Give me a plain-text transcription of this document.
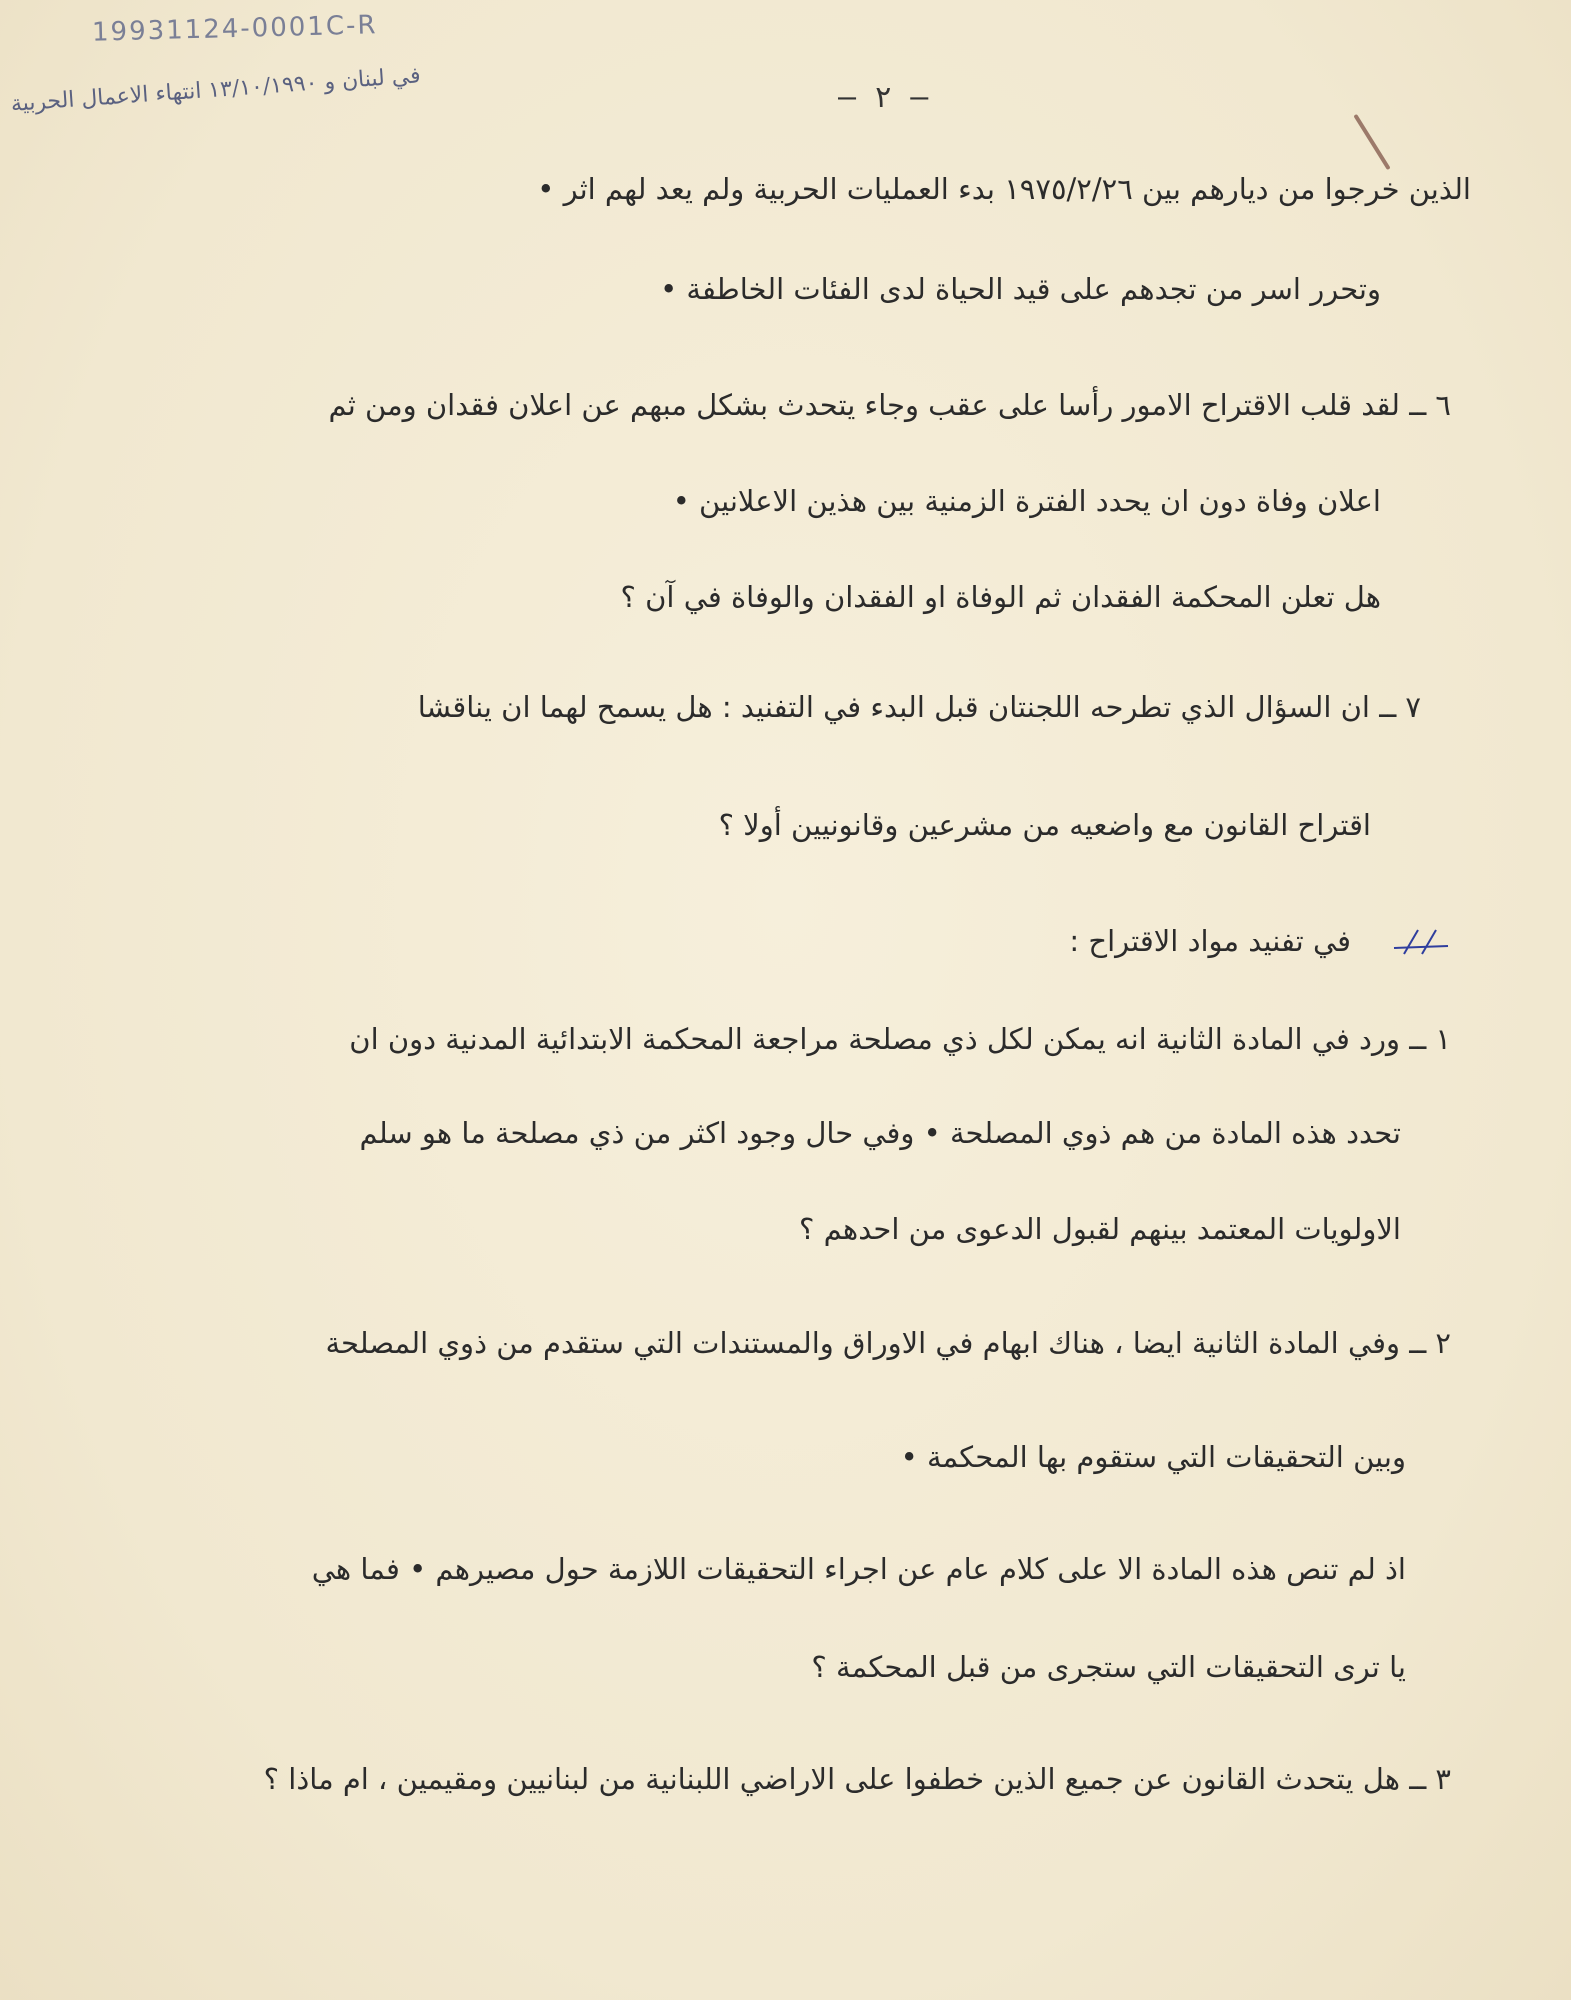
19931124-0001C-R
في لبنان و ١٣/١٠/١٩٩٠ انتهاء الاعمال الحربية
— ٢ —
الذين خرجوا من ديارهم بين ١٩٧٥/٢/٢٦ بدء العمليات الحربية ولم يعد لهم اثر •
وتحرر اسر من تجدهم على قيد الحياة لدى الفئات الخاطفة •
٦ ــ لقد قلب الاقتراح الامور رأسا على عقب وجاء يتحدث بشكل مبهم عن اعلان فقدان ومن ثم
اعلان وفاة دون ان يحدد الفترة الزمنية بين هذين الاعلانين •
هل تعلن المحكمة الفقدان ثم الوفاة او الفقدان والوفاة في آن ؟
٧ ــ ان السؤال الذي تطرحه اللجنتان قبل البدء في التفنيد : هل يسمح لهما ان يناقشا
اقتراح القانون مع واضعيه من مشرعين وقانونيين أولا ؟
في تفنيد مواد الاقتراح :
١ ــ ورد في المادة الثانية انه يمكن لكل ذي مصلحة مراجعة المحكمة الابتدائية المدنية دون ان
تحدد هذه المادة من هم ذوي المصلحة • وفي حال وجود اكثر من ذي مصلحة ما هو سلم
الاولويات المعتمد بينهم لقبول الدعوى من احدهم ؟
٢ ــ وفي المادة الثانية ايضا ، هناك ابهام في الاوراق والمستندات التي ستقدم من ذوي المصلحة
وبين التحقيقات التي ستقوم بها المحكمة •
اذ لم تنص هذه المادة الا على كلام عام عن اجراء التحقيقات اللازمة حول مصيرهم • فما هي
يا ترى التحقيقات التي ستجرى من قبل المحكمة ؟
٣ ــ هل يتحدث القانون عن جميع الذين خطفوا على الاراضي اللبنانية من لبنانيين ومقيمين ، ام ماذا ؟
